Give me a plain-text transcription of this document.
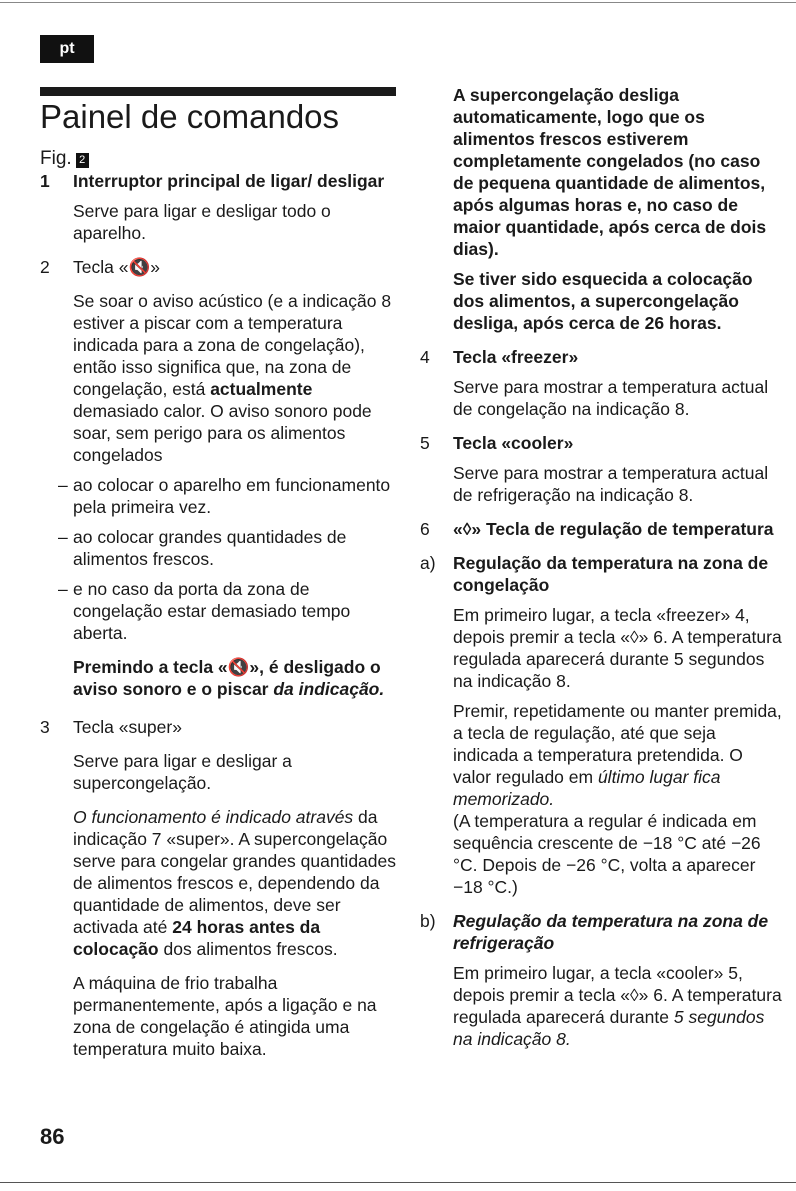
pt
Painel de comandos
Fig. 2
1	Interruptor principal de ligar/ desligar

Serve para ligar e desligar todo o aparelho.

2	Tecla «🔇»

Se soar o aviso acústico (e a indicação 8 estiver a piscar com a temperatura indicada para a zona de congelação), então isso significa que, na zona de congelação, está actualmente demasiado calor. O aviso sonoro pode soar, sem perigo para os alimentos congelados

– ao colocar o aparelho em funcionamento pela primeira vez.
– ao colocar grandes quantidades de alimentos frescos.
– e no caso da porta da zona de congelação estar demasiado tempo aberta.

Premindo a tecla «🔇», é desligado o aviso sonoro e o piscar da indicação.

3	Tecla «super»

Serve para ligar e desligar a supercongelação.

O funcionamento é indicado através da indicação 7 «super». A supercongelação serve para congelar grandes quantidades de alimentos frescos e, dependendo da quantidade de alimentos, deve ser activada até 24 horas antes da colocação dos alimentos frescos.

A máquina de frio trabalha permanentemente, após a ligação e na zona de congelação é atingida uma temperatura muito baixa.

A supercongelação desliga automaticamente, logo que os alimentos frescos estiverem completamente congelados (no caso de pequena quantidade de alimentos, após algumas horas e, no caso de maior quantidade, após cerca de dois dias).

Se tiver sido esquecida a colocação dos alimentos, a supercongelação desliga, após cerca de 26 horas.

4	Tecla «freezer»

Serve para mostrar a temperatura actual de congelação na indicação 8.

5	Tecla «cooler»

Serve para mostrar a temperatura actual de refrigeração na indicação 8.

6	«◊» Tecla de regulação de temperatura

a) Regulação da temperatura na zona de congelação

Em primeiro lugar, a tecla «freezer» 4, depois premir a tecla «◊» 6. A temperatura regulada aparecerá durante 5 segundos na indicação 8.

Premir, repetidamente ou manter premida, a tecla de regulação, até que seja indicada a temperatura pretendida. O valor regulado em último lugar fica memorizado.

(A temperatura a regular é indicada em sequência crescente de −18 °C até −26 °C. Depois de −26 °C, volta a aparecer −18 °C.)

b) Regulação da temperatura na zona de refrigeração

Em primeiro lugar, a tecla «cooler» 5, depois premir a tecla «◊» 6. A temperatura regulada aparecerá durante 5 segundos na indicação 8.

86
